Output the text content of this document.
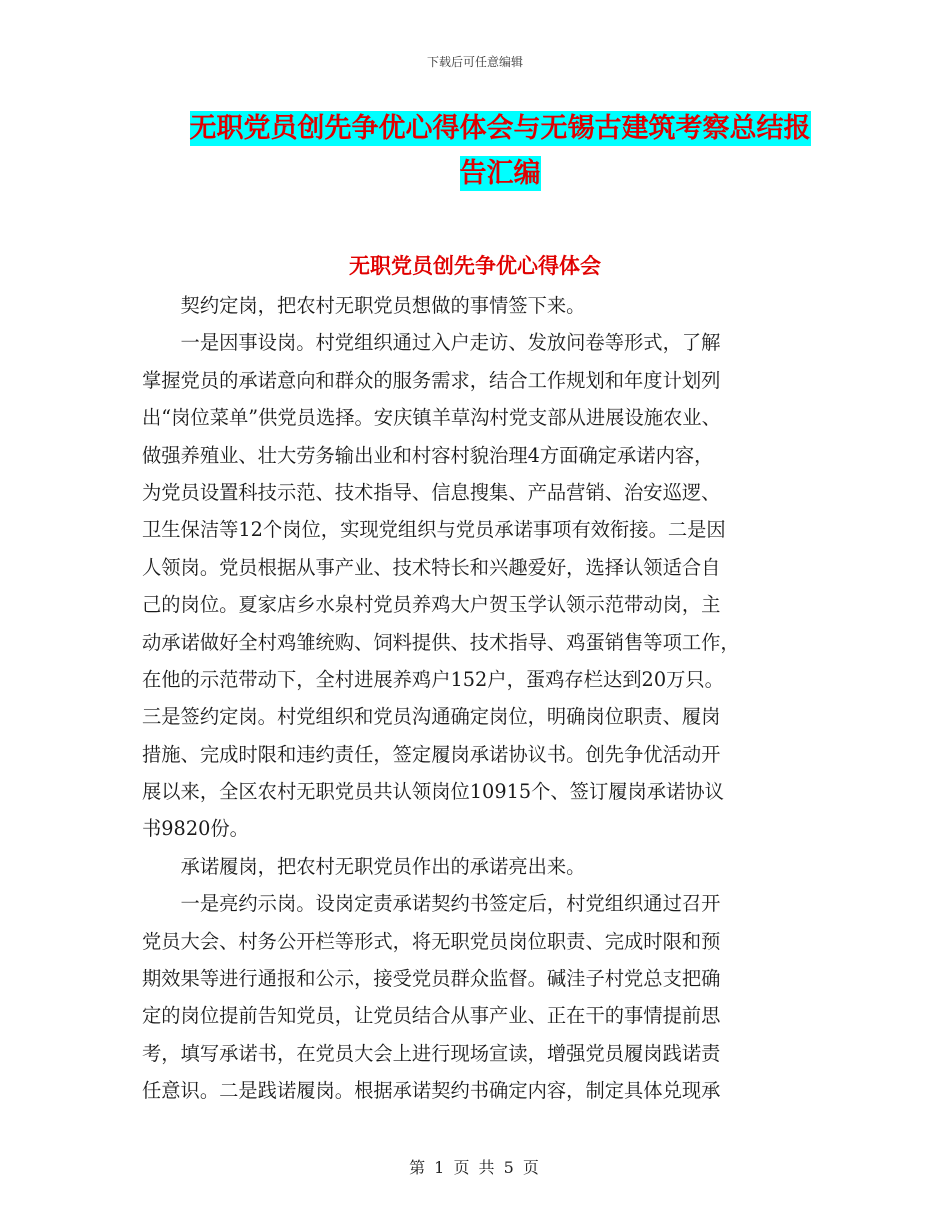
下载后可任意编辑
无职党员创先争优心得体会与无锡古建筑考察总结报
告汇编
无职党员创先争优心得体会
　　契约定岗，把农村无职党员想做的事情签下来。
　　一是因事设岗。村党组织通过入户走访、发放问卷等形式，了解
掌握党员的承诺意向和群众的服务需求，结合工作规划和年度计划列
出“岗位菜单”供党员选择。安庆镇羊草沟村党支部从进展设施农业、
做强养殖业、壮大劳务输出业和村容村貌治理4方面确定承诺内容，
为党员设置科技示范、技术指导、信息搜集、产品营销、治安巡逻、
卫生保洁等12个岗位，实现党组织与党员承诺事项有效衔接。二是因
人领岗。党员根据从事产业、技术特长和兴趣爱好，选择认领适合自
己的岗位。夏家店乡水泉村党员养鸡大户贺玉学认领示范带动岗，主
动承诺做好全村鸡雏统购、饲料提供、技术指导、鸡蛋销售等项工作，
在他的示范带动下，全村进展养鸡户152户，蛋鸡存栏达到20万只。
三是签约定岗。村党组织和党员沟通确定岗位，明确岗位职责、履岗
措施、完成时限和违约责任，签定履岗承诺协议书。创先争优活动开
展以来，全区农村无职党员共认领岗位10915个、签订履岗承诺协议
书9820份。
　　承诺履岗，把农村无职党员作出的承诺亮出来。
　　一是亮约示岗。设岗定责承诺契约书签定后，村党组织通过召开
党员大会、村务公开栏等形式，将无职党员岗位职责、完成时限和预
期效果等进行通报和公示，接受党员群众监督。碱洼子村党总支把确
定的岗位提前告知党员，让党员结合从事产业、正在干的事情提前思
考，填写承诺书，在党员大会上进行现场宣读，增强党员履岗践诺责
任意识。二是践诺履岗。根据承诺契约书确定内容，制定具体兑现承
第 1 页 共 5 页
